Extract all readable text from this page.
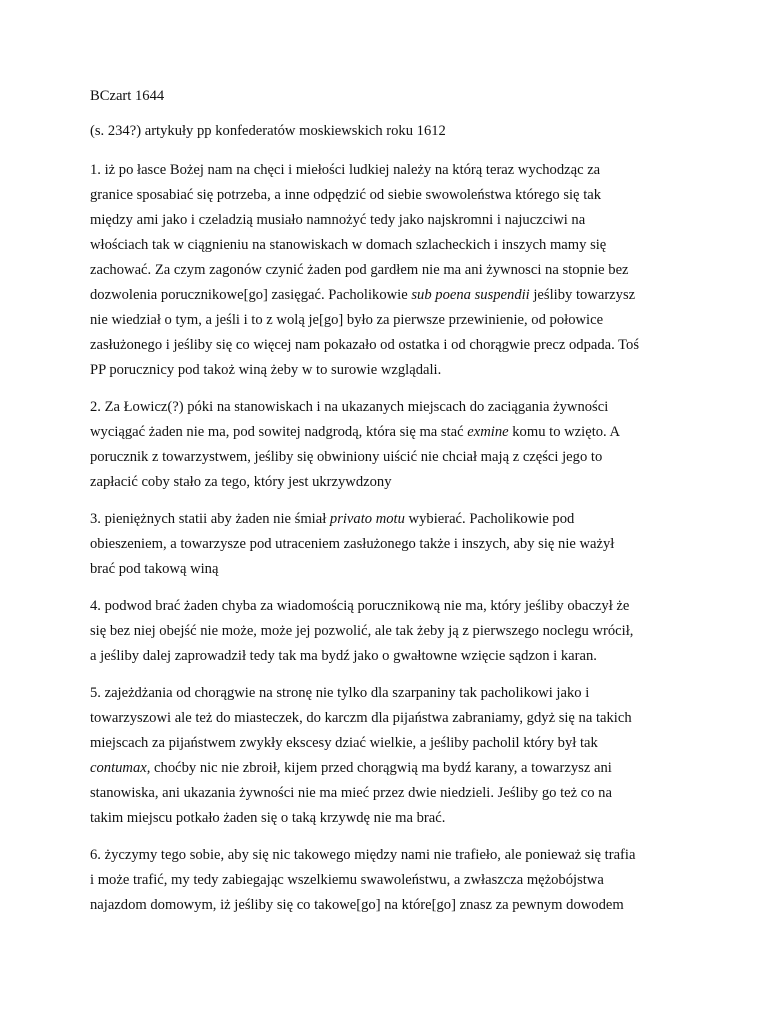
BCzart 1644

(s. 234?) artykuły pp konfederatów moskiewskich roku 1612

1. iż po łasce Bożej nam na chęci i miełości ludkiej należy na którą teraz wychodząc za
granice sposabiać się potrzeba, a inne odpędzić od siebie swowoleństwa którego się tak
między ami jako i czeladzią musiało namnożyć tedy jako najskromni i najuczciwi na
włościach tak w ciągnieniu na stanowiskach w domach szlacheckich i inszych mamy się
zachować. Za czym zagonów czynić żaden pod gardłem nie ma ani żywnosci na stopnie bez
dozwolenia porucznikowe[go] zasięgać. Pacholikowie sub poena suspendii jeśliby towarzysz
nie wiedział o tym, a jeśli i to z wolą je[go] było za pierwsze przewinienie, od połowice
zasłużonego i jeśliby się co więcej nam pokazało od ostatka i od chorągwie precz odpada. Toś
PP porucznicy pod takoż winą żeby w to surowie wzglądali.

2. Za Łowicz(?) póki na stanowiskach i na ukazanych miejscach do zaciągania żywności
wyciągać żaden nie ma, pod sowitej nadgrodą, która się ma stać exmine komu to wzięto. A
porucznik z towarzystwem, jeśliby się obwiniony uiścić nie chciał mają z części jego to
zapłacić coby stało za tego, który jest ukrzywdzony

3. pieniężnych statii aby żaden nie śmiał privato motu wybierać. Pacholikowie pod
obieszeniem, a towarzysze pod utraceniem zasłużonego także i inszych, aby się nie ważył
brać pod takową winą

4. podwod brać żaden chyba za wiadomością porucznikową nie ma, który jeśliby obaczył że
się bez niej obejść nie może, może jej pozwolić, ale tak żeby ją z pierwszego noclegu wrócił,
a jeśliby dalej zaprowadził tedy tak ma bydź jako o gwałtowne wzięcie sądzon i karan.

5. zajeżdżania od chorągwie na stronę nie tylko dla szarpaniny tak pacholikowi jako i
towarzyszowi ale też do miasteczek, do karczm dla pijaństwa zabraniamy, gdyż się na takich
miejscach za pijaństwem zwykły ekscesy dziać wielkie, a jeśliby pacholil który był tak
contumax, choćby nic nie zbroił, kijem przed chorągwią ma bydź karany, a towarzysz ani
stanowiska, ani ukazania żywności nie ma mieć przez dwie niedzieli. Jeśliby go też co na
takim miejscu potkało żaden się o taką krzywdę nie ma brać.

6. życzymy tego sobie, aby się nic takowego między nami nie trafieło, ale ponieważ się trafia
i może trafić, my tedy zabiegając wszelkiemu swawoleństwu, a zwłaszcza mężobójstwa
najazdom domowym, iż jeśliby się co takowe[go] na które[go] znasz za pewnym dowodem
